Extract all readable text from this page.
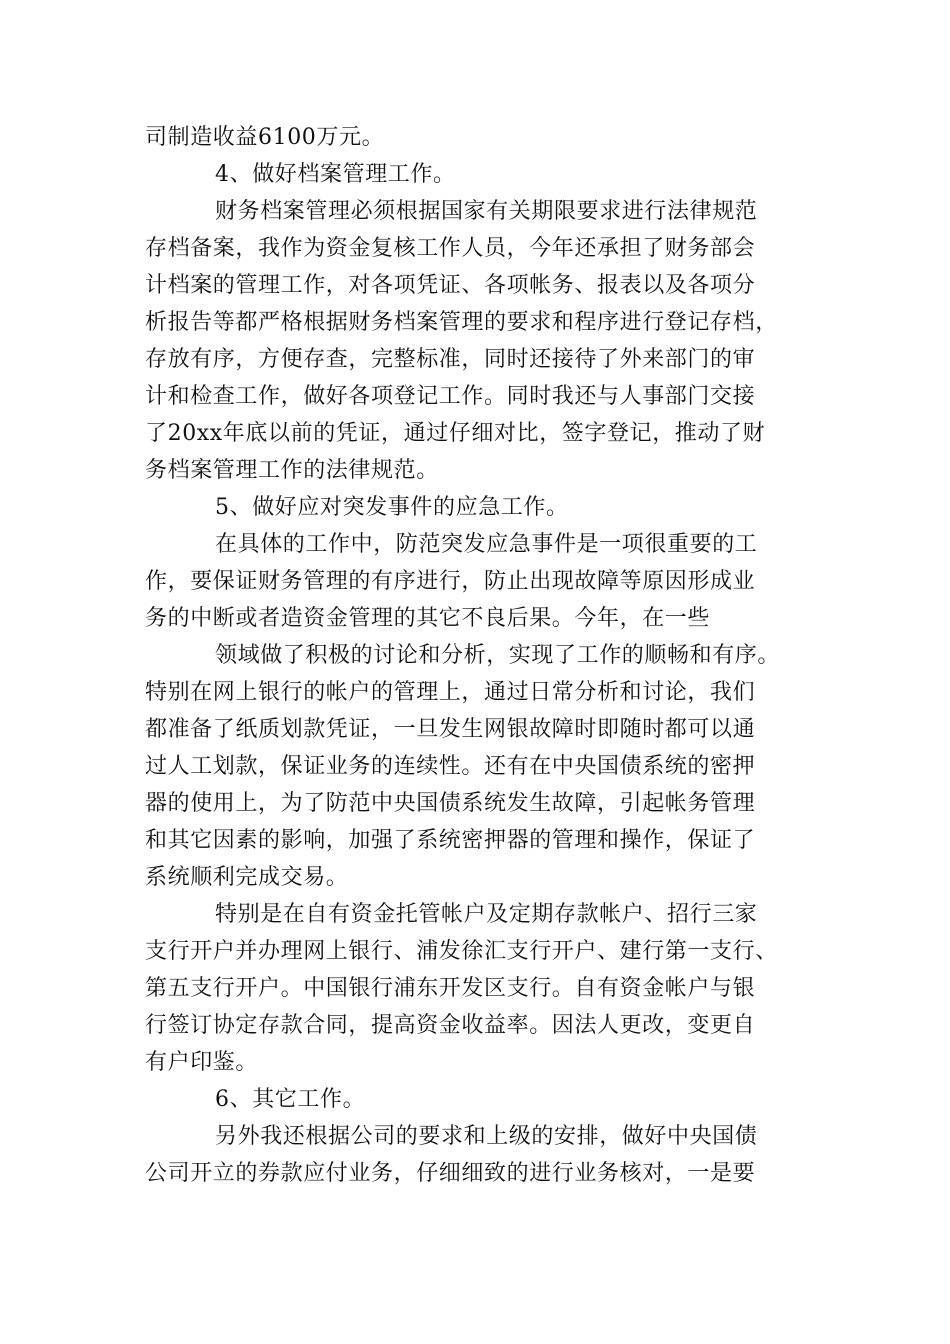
司制造收益6100万元。
4、做好档案管理工作。
财务档案管理必须根据国家有关期限要求进行法律规范
存档备案，我作为资金复核工作人员，今年还承担了财务部会
计档案的管理工作，对各项凭证、各项帐务、报表以及各项分
析报告等都严格根据财务档案管理的要求和程序进行登记存档，
存放有序，方便存查，完整标准，同时还接待了外来部门的审
计和检查工作，做好各项登记工作。同时我还与人事部门交接
了20xx年底以前的凭证，通过仔细对比，签字登记，推动了财
务档案管理工作的法律规范。
5、做好应对突发事件的应急工作。
在具体的工作中，防范突发应急事件是一项很重要的工
作，要保证财务管理的有序进行，防止出现故障等原因形成业
务的中断或者造资金管理的其它不良后果。今年，在一些
领域做了积极的讨论和分析，实现了工作的顺畅和有序。
特别在网上银行的帐户的管理上，通过日常分析和讨论，我们
都准备了纸质划款凭证，一旦发生网银故障时即随时都可以通
过人工划款，保证业务的连续性。还有在中央国债系统的密押
器的使用上，为了防范中央国债系统发生故障，引起帐务管理
和其它因素的影响，加强了系统密押器的管理和操作，保证了
系统顺利完成交易。
特别是在自有资金托管帐户及定期存款帐户、招行三家
支行开户并办理网上银行、浦发徐汇支行开户、建行第一支行、
第五支行开户。中国银行浦东开发区支行。自有资金帐户与银
行签订协定存款合同，提高资金收益率。因法人更改，变更自
有户印鉴。
6、其它工作。
另外我还根据公司的要求和上级的安排，做好中央国债
公司开立的券款应付业务，仔细细致的进行业务核对，一是要
